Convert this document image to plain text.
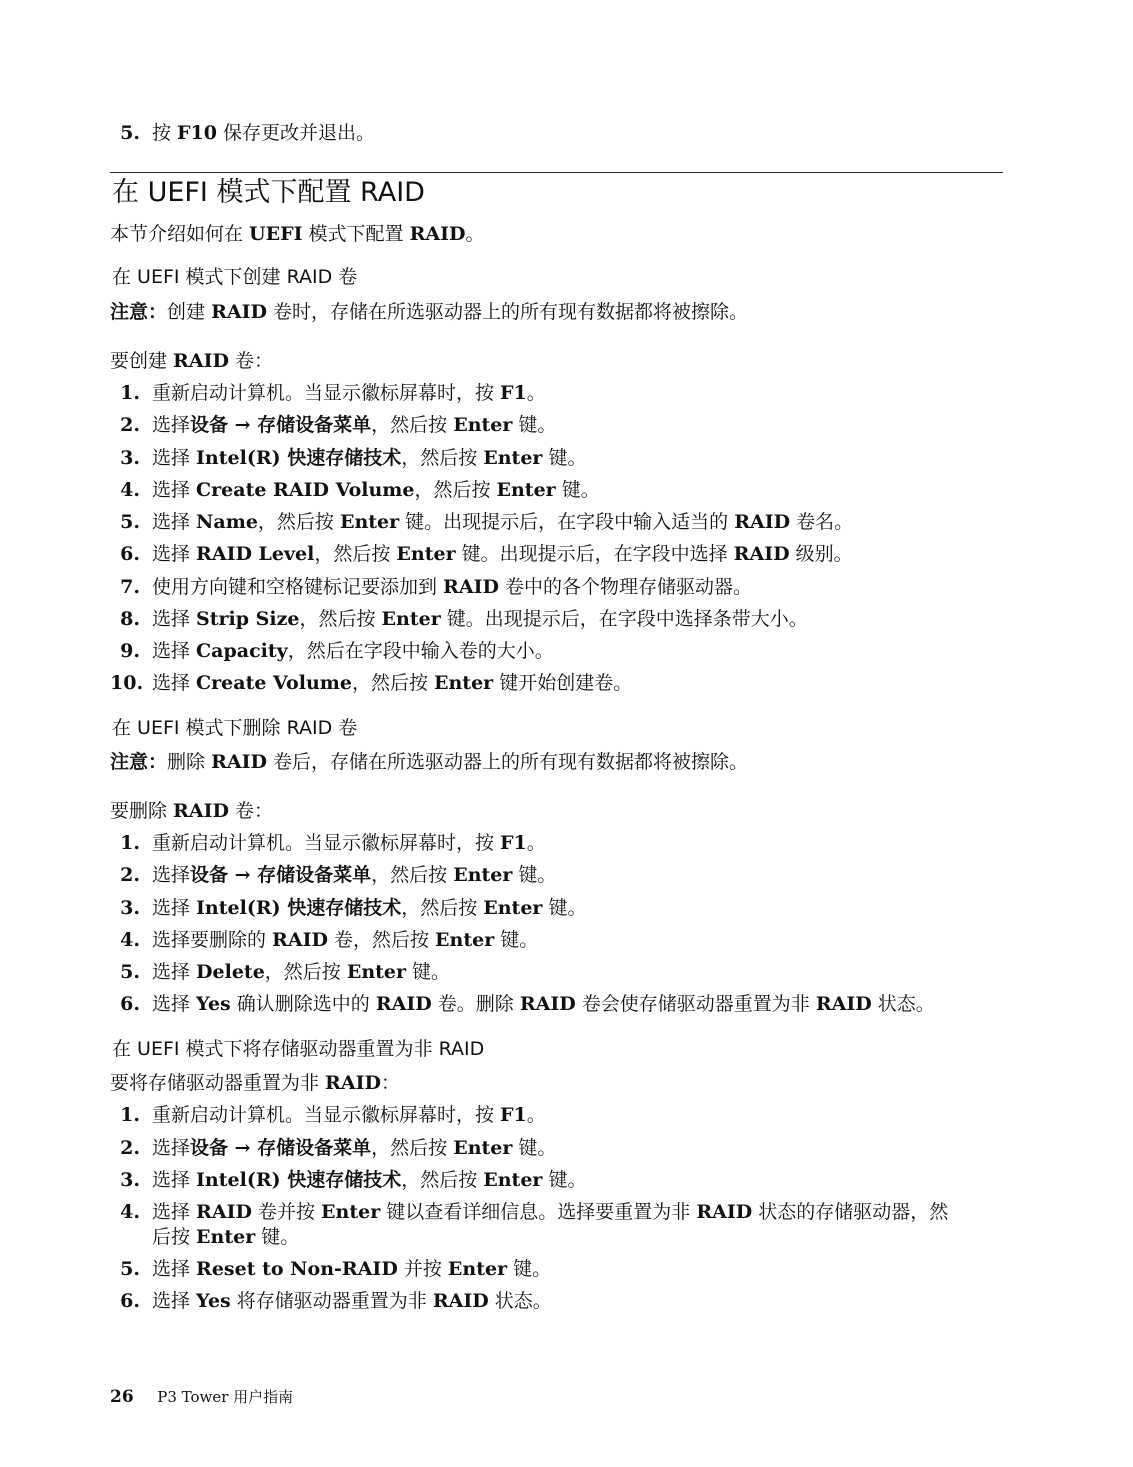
5. 按 F10 保存更改并退出。
在 UEFI 模式下配置 RAID
本节介绍如何在 UEFI 模式下配置 RAID。
在 UEFI 模式下创建 RAID 卷
注意：创建 RAID 卷时，存储在所选驱动器上的所有现有数据都将被擦除。
要创建 RAID 卷：
1. 重新启动计算机。当显示徽标屏幕时，按 F1。
2. 选择设备 → 存储设备菜单，然后按 Enter 键。
3. 选择 Intel(R) 快速存储技术，然后按 Enter 键。
4. 选择 Create RAID Volume，然后按 Enter 键。
5. 选择 Name，然后按 Enter 键。出现提示后，在字段中输入适当的 RAID 卷名。
6. 选择 RAID Level，然后按 Enter 键。出现提示后，在字段中选择 RAID 级别。
7. 使用方向键和空格键标记要添加到 RAID 卷中的各个物理存储驱动器。
8. 选择 Strip Size，然后按 Enter 键。出现提示后，在字段中选择条带大小。
9. 选择 Capacity，然后在字段中输入卷的大小。
10. 选择 Create Volume，然后按 Enter 键开始创建卷。
在 UEFI 模式下删除 RAID 卷
注意：删除 RAID 卷后，存储在所选驱动器上的所有现有数据都将被擦除。
要删除 RAID 卷：
1. 重新启动计算机。当显示徽标屏幕时，按 F1。
2. 选择设备 → 存储设备菜单，然后按 Enter 键。
3. 选择 Intel(R) 快速存储技术，然后按 Enter 键。
4. 选择要删除的 RAID 卷，然后按 Enter 键。
5. 选择 Delete，然后按 Enter 键。
6. 选择 Yes 确认删除选中的 RAID 卷。删除 RAID 卷会使存储驱动器重置为非 RAID 状态。
在 UEFI 模式下将存储驱动器重置为非 RAID
要将存储驱动器重置为非 RAID：
1. 重新启动计算机。当显示徽标屏幕时，按 F1。
2. 选择设备 → 存储设备菜单，然后按 Enter 键。
3. 选择 Intel(R) 快速存储技术，然后按 Enter 键。
4. 选择 RAID 卷并按 Enter 键以查看详细信息。选择要重置为非 RAID 状态的存储驱动器，然
后按 Enter 键。
5. 选择 Reset to Non-RAID 并按 Enter 键。
6. 选择 Yes 将存储驱动器重置为非 RAID 状态。
26 P3 Tower 用户指南
